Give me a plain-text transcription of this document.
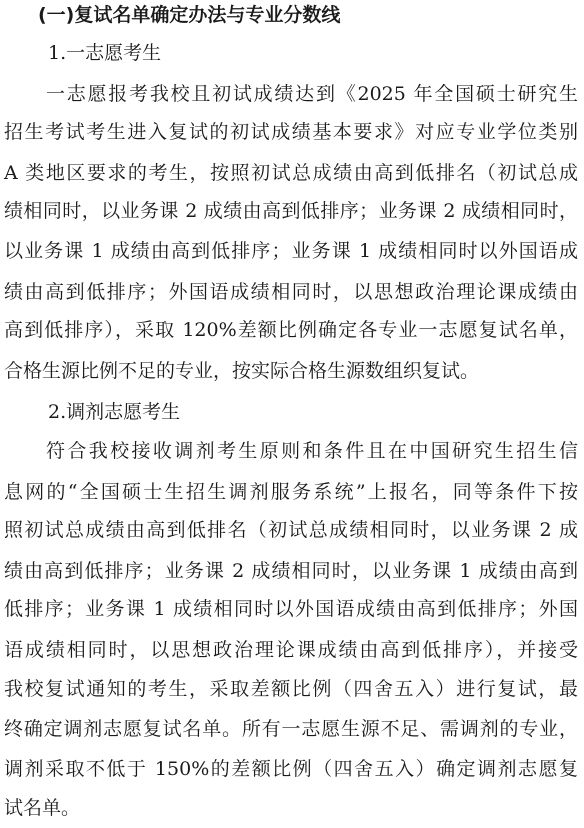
(一)复试名单确定办法与专业分数线
1.一志愿考生
一志愿报考我校且初试成绩达到《2025 年全国硕士研究生
招生考试考生进入复试的初试成绩基本要求》对应专业学位类别
A 类地区要求的考生，按照初试总成绩由高到低排名（初试总成
绩相同时，以业务课 2 成绩由高到低排序；业务课 2 成绩相同时，
以业务课 1 成绩由高到低排序；业务课 1 成绩相同时以外国语成
绩由高到低排序；外国语成绩相同时，以思想政治理论课成绩由
高到低排序），采取 120%差额比例确定各专业一志愿复试名单，
合格生源比例不足的专业，按实际合格生源数组织复试。
2.调剂志愿考生
符合我校接收调剂考生原则和条件且在中国研究生招生信
息网的“全国硕士生招生调剂服务系统”上报名，同等条件下按
照初试总成绩由高到低排名（初试总成绩相同时，以业务课 2 成
绩由高到低排序；业务课 2 成绩相同时，以业务课 1 成绩由高到
低排序；业务课 1 成绩相同时以外国语成绩由高到低排序；外国
语成绩相同时，以思想政治理论课成绩由高到低排序），并接受
我校复试通知的考生，采取差额比例（四舍五入）进行复试，最
终确定调剂志愿复试名单。所有一志愿生源不足、需调剂的专业，
调剂采取不低于 150%的差额比例（四舍五入）确定调剂志愿复
试名单。
